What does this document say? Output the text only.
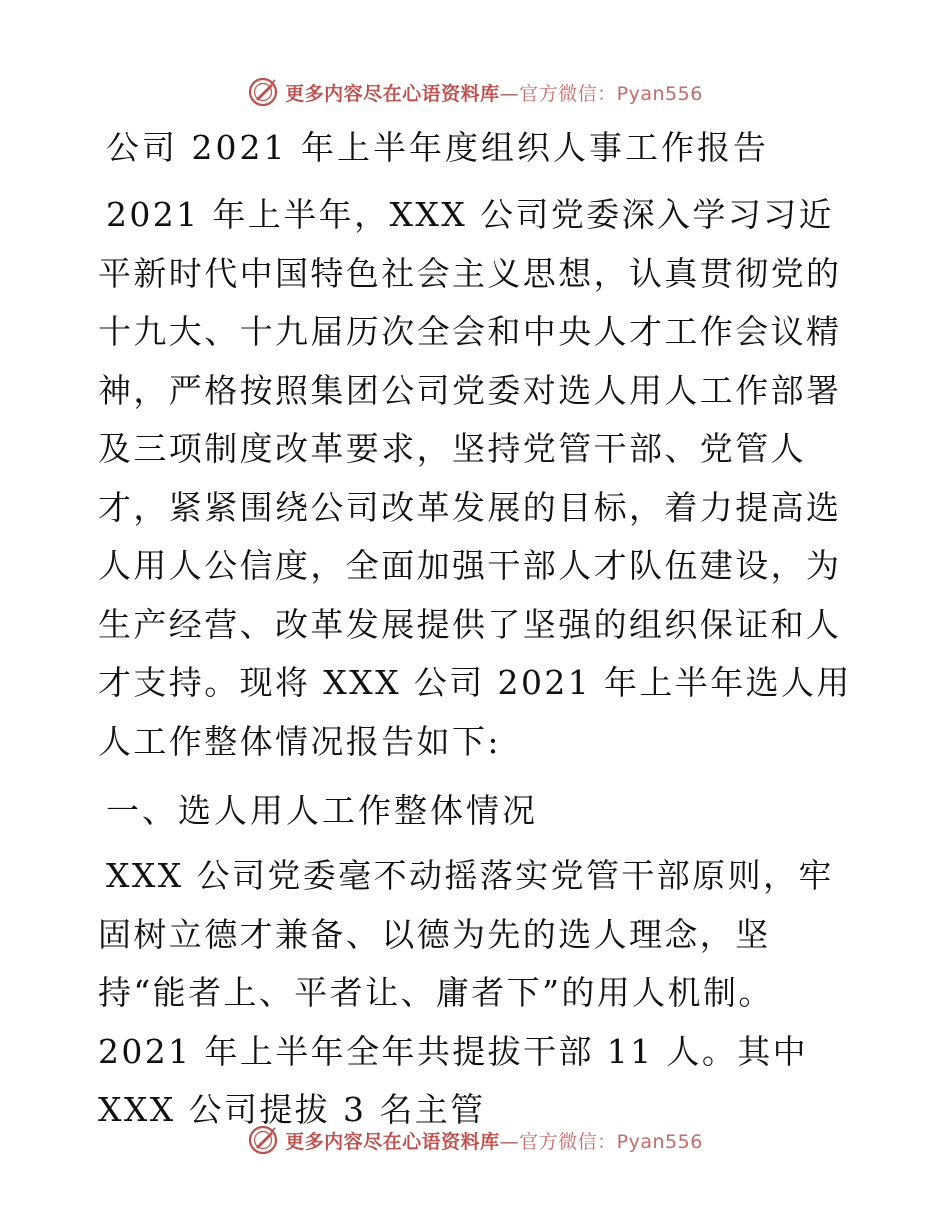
更多内容尽在心语资料库—官方微信：Pyan556
公司 2021 年上半年度组织人事工作报告

2021 年上半年，XXX 公司党委深入学习习近平新时代中国特色社会主义思想，认真贯彻党的十九大、十九届历次全会和中央人才工作会议精神，严格按照集团公司党委对选人用人工作部署及三项制度改革要求，坚持党管干部、党管人才，紧紧围绕公司改革发展的目标，着力提高选人用人公信度，全面加强干部人才队伍建设，为生产经营、改革发展提供了坚强的组织保证和人才支持。现将 XXX 公司 2021 年上半年选人用人工作整体情况报告如下:

一、选人用人工作整体情况

XXX 公司党委毫不动摇落实党管干部原则，牢固树立德才兼备、以德为先的选人理念，坚持“能者上、平者让、庸者下”的用人机制。2021 年上半年全年共提拔干部 11 人。其中 XXX 公司提拔 3 名主管

更多内容尽在心语资料库—官方微信：Pyan556
